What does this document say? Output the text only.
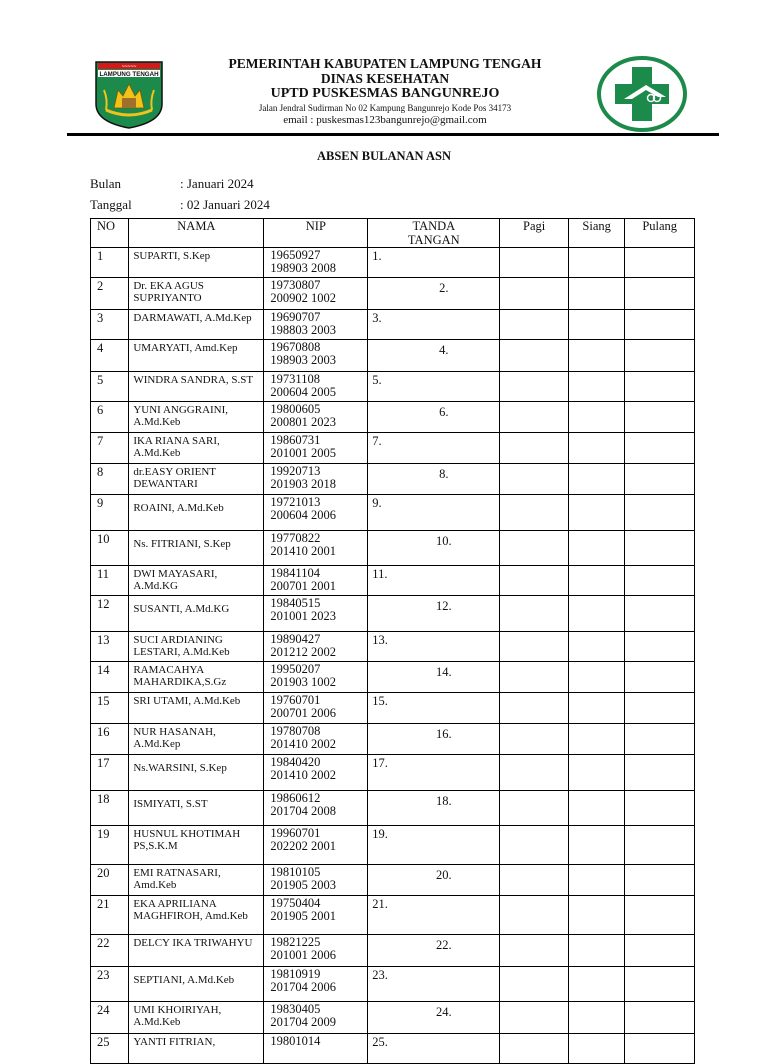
~~~~~
LAMPUNG TENGAH
PEMERINTAH KABUPATEN LAMPUNG TENGAH
DINAS KESEHATAN
UPTD PUSKESMAS BANGUNREJO
Jalan Jendral Sudirman No 02 Kampung Bangunrejo Kode Pos 34173
email : puskesmas123bangunrejo@gmail.com
ABSEN BULANAN ASN
Bulan	: Januari 2024
Tanggal	: 02 Januari 2024
NO	NAMA	NIP	TANDA TANGAN	Pagi	Siang	Pulang
1	SUPARTI, S.Kep	19650927
198903 2008	1.			
2	Dr. EKA AGUS SUPRIYANTO	19730807
200902 1002	2.			
3	DARMAWATI, A.Md.Kep	19690707
198803 2003	3.			
4	UMARYATI, Amd.Kep	19670808
198903 2003	4.			
5	WINDRA SANDRA, S.ST	19731108
200604 2005	5.			
6	YUNI ANGGRAINI, A.Md.Keb	19800605
200801 2023	6.			
7	IKA RIANA SARI, A.Md.Keb	19860731
201001 2005	7.			
8	dr.EASY ORIENT DEWANTARI	19920713
201903 2018	8.			
9	ROAINI, A.Md.Keb	19721013
200604 2006	9.			
10	Ns. FITRIANI, S.Kep	19770822
201410 2001	10.			
11	DWI MAYASARI, A.Md.KG	19841104
200701 2001	11.			
12	SUSANTI, A.Md.KG	19840515
201001 2023	12.			
13	SUCI ARDIANING LESTARI, A.Md.Keb	19890427
201212 2002	13.			
14	RAMACAHYA MAHARDIKA,S.Gz	19950207
201903 1002	14.			
15	SRI UTAMI, A.Md.Keb	19760701
200701 2006	15.			
16	NUR HASANAH, A.Md.Kep	19780708
201410 2002	16.			
17	Ns.WARSINI, S.Kep	19840420
201410 2002	17.			
18	ISMIYATI, S.ST	19860612
201704 2008	18.			
19	HUSNUL KHOTIMAH PS,S.K.M	19960701
202202 2001	19.			
20	EMI RATNASARI, Amd.Keb	19810105
201905 2003	20.			
21	EKA APRILIANA MAGHFIROH, Amd.Keb	19750404
201905 2001	21.			
22	DELCY IKA TRIWAHYU	19821225
201001 2006	22.			
23	SEPTIANI, A.Md.Keb	19810919
201704 2006	23.			
24	UMI KHOIRIYAH, A.Md.Keb	19830405
201704 2009	24.			
25	YANTI FITRIAN,	19801014	25.			
